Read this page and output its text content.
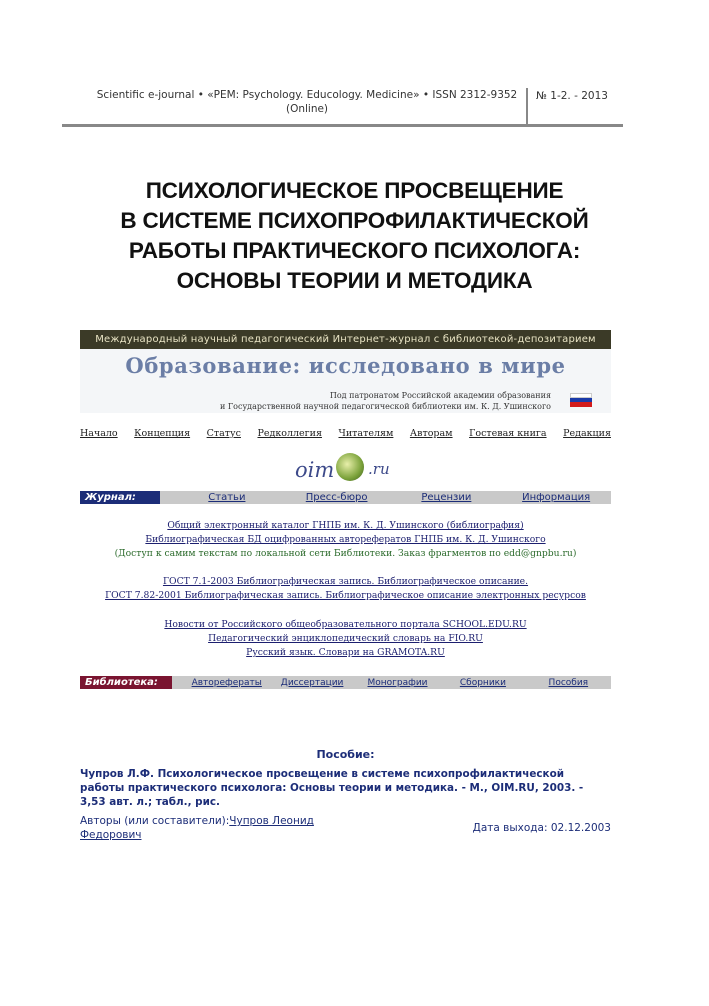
Scientific e-journal • «PEM: Psychology. Educology. Medicine» • ISSN 2312-9352
(Online)
№ 1-2. - 2013
ПСИХОЛОГИЧЕСКОЕ ПРОСВЕЩЕНИЕ
В СИСТЕМЕ ПСИХОПРОФИЛАКТИЧЕСКОЙ
РАБОТЫ ПРАКТИЧЕСКОГО ПСИХОЛОГА:
ОСНОВЫ ТЕОРИИ И МЕТОДИКА
Международный научный педагогический Интернет-журнал с библиотекой-депозитарием
Образование: исследовано в мире
Под патронатом Российской академии образования
и Государственной научной педагогической библиотеки им. К. Д. Ушинского
Начало Концепция Статус Редколлегия Читателям Авторам Гостевая книга Редакция
oim .ru
Журнал:	Статьи	Пресс-бюро	Рецензии	Информация
Общий электронный каталог ГНПБ им. К. Д. Ушинского (библиография)
Библиографическая БД оцифрованных авторефератов ГНПБ им. К. Д. Ушинского
(Доступ к самим текстам по локальной сети Библиотеки. Заказ фрагментов по edd@gnpbu.ru)
ГОСТ 7.1-2003 Библиографическая запись. Библиографическое описание.
ГОСТ 7.82-2001 Библиографическая запись. Библиографическое описание электронных ресурсов
Новости от Российского общеобразовательного портала SCHOOL.EDU.RU
Педагогический энциклопедический словарь на FIO.RU
Русский язык. Словари на GRAMOTA.RU
Библиотека:	Авторефераты	Диссертации	Монографии	Сборники	Пособия
Пособие:
Чупров Л.Ф. Психологическое просвещение в системе психопрофилактической работы практического психолога: Основы теории и методика. - М., OIM.RU, 2003. - 3,53 авт. л.; табл., рис.
Авторы (или составители):Чупров Леонид Федорович
Дата выхода: 02.12.2003
